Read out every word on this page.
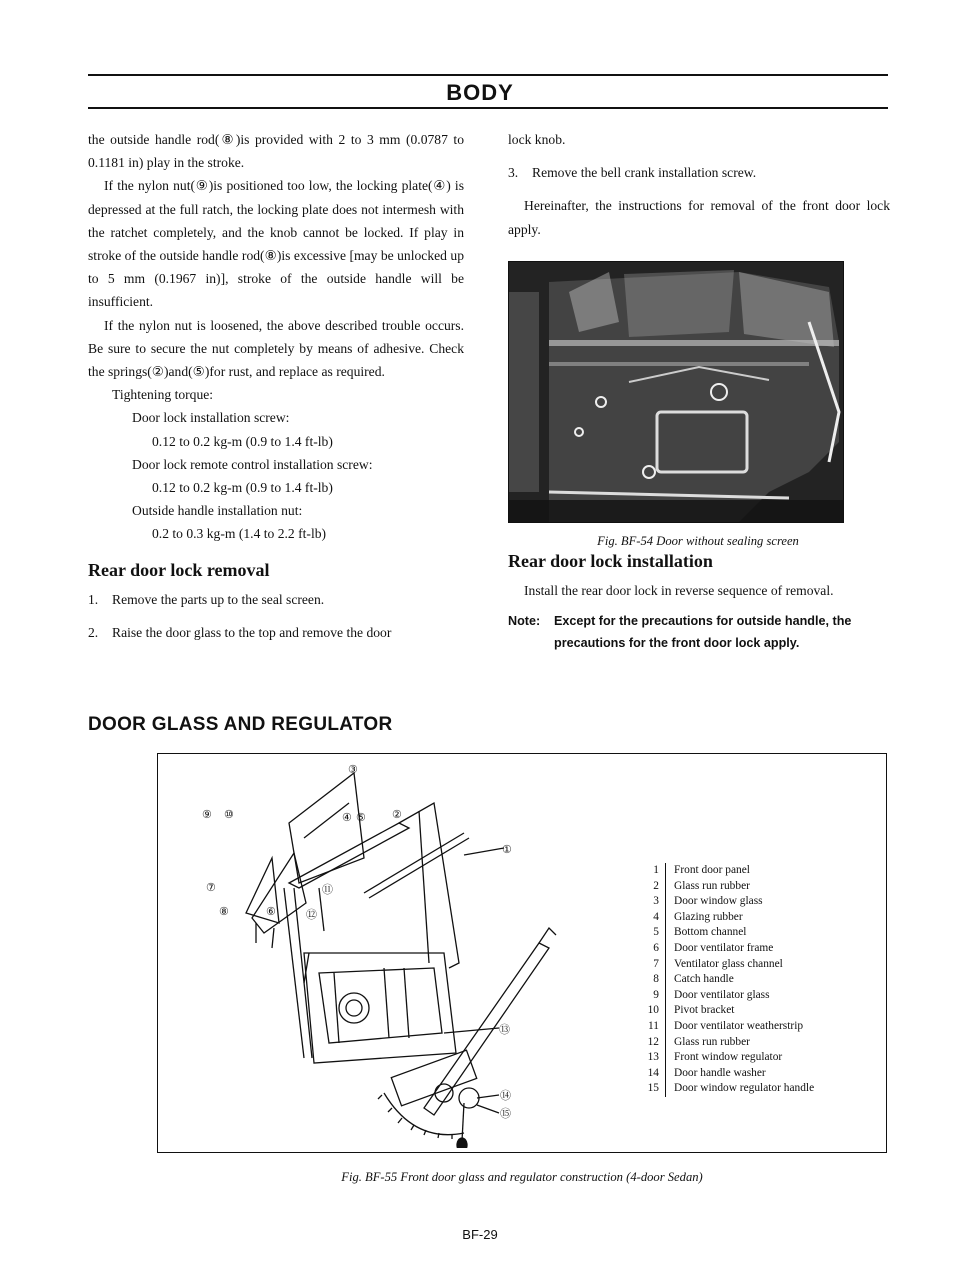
BODY

the outside handle rod(⑧)is provided with 2 to 3 mm (0.0787 to 0.1181 in) play in the stroke.

If the nylon nut(⑨)is positioned too low, the locking plate(④) is depressed at the full ratch, the locking plate does not intermesh with the ratchet completely, and the knob cannot be locked. If play in stroke of the outside handle rod(⑧)is excessive [may be unlocked up to 5 mm (0.1967 in)], stroke of the outside handle will be insufficient.

If the nylon nut is loosened, the above described trouble occurs. Be sure to secure the nut completely by means of adhesive. Check the springs(②)and(⑤)for rust, and replace as required.

Tightening torque:
Door lock installation screw:
0.12 to 0.2 kg-m (0.9 to 1.4 ft-lb)
Door lock remote control installation screw:
0.12 to 0.2 kg-m (0.9 to 1.4 ft-lb)
Outside handle installation nut:
0.2 to 0.3 kg-m (1.4 to 2.2 ft-lb)
Rear door lock removal
1.	Remove the parts up to the seal screen.
2.	Raise the door glass to the top and remove the door

lock knob.

3.	Remove the bell crank installation screw.

Hereinafter, the instructions for removal of the front door lock apply.

Rear door lock installation

Install the rear door lock in reverse sequence of removal.

Note:	Except for the precautions for outside handle, the
precautions for the front door lock apply.
Fig. BF-54 Door without sealing screen
DOOR GLASS AND REGULATOR
③
⑨ ⑩	④ ⑤ ②
①
⑪
⑫
⑦
⑧	⑥
⑬
⑭
⑮
1	Front door panel
2	Glass run rubber
3	Door window glass
4	Glazing rubber
5	Bottom channel
6	Door ventilator frame
7	Ventilator glass channel
8	Catch handle
9	Door ventilator glass
10	Pivot bracket
11	Door ventilator weatherstrip
12	Glass run rubber
13	Front window regulator
14	Door handle washer
15	Door window regulator handle
Fig. BF-55 Front door glass and regulator construction (4-door Sedan)
BF-29
